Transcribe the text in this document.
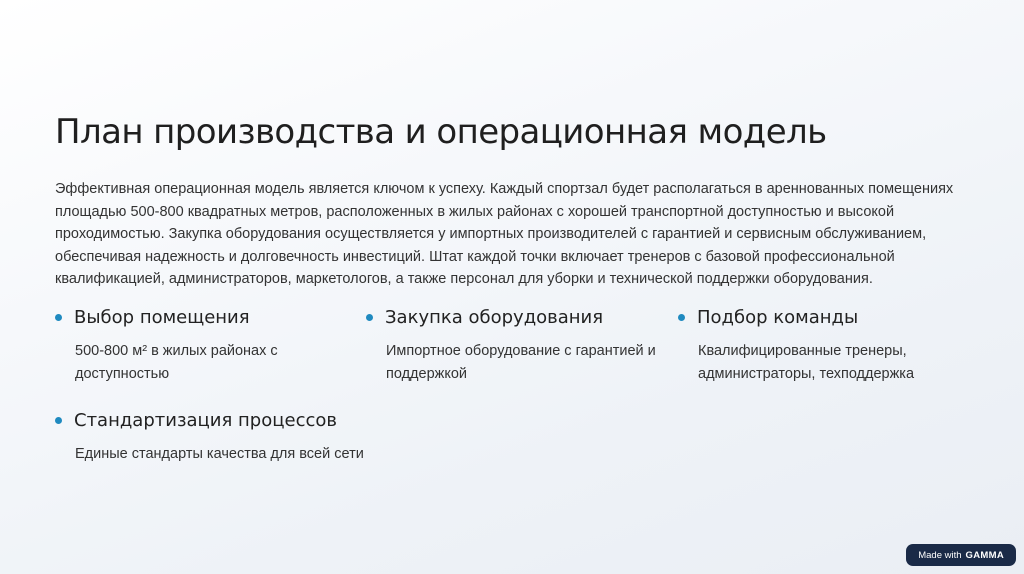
План производства и операционная модель

Эффективная операционная модель является ключом к успеху. Каждый спортзал будет располагаться в ареннованных помещениях площадью 500-800 квадратных метров, расположенных в жилых районах с хорошей транспортной доступностью и высокой проходимостью. Закупка оборудования осуществляется у импортных производителей с гарантией и сервисным обслуживанием, обеспечивая надежность и долговечность инвестиций. Штат каждой точки включает тренеров с базовой профессиональной квалификацией, администраторов, маркетологов, а также персонал для уборки и технической поддержки оборудования.

Выбор помещения

500-800 м² в жилых районах с доступностью

Закупка оборудования

Импортное оборудование с гарантией и поддержкой

Подбор команды

Квалифицированные тренеры, администраторы, техподдержка

Стандартизация процессов

Единые стандарты качества для всей сети

Made with GAMMA
